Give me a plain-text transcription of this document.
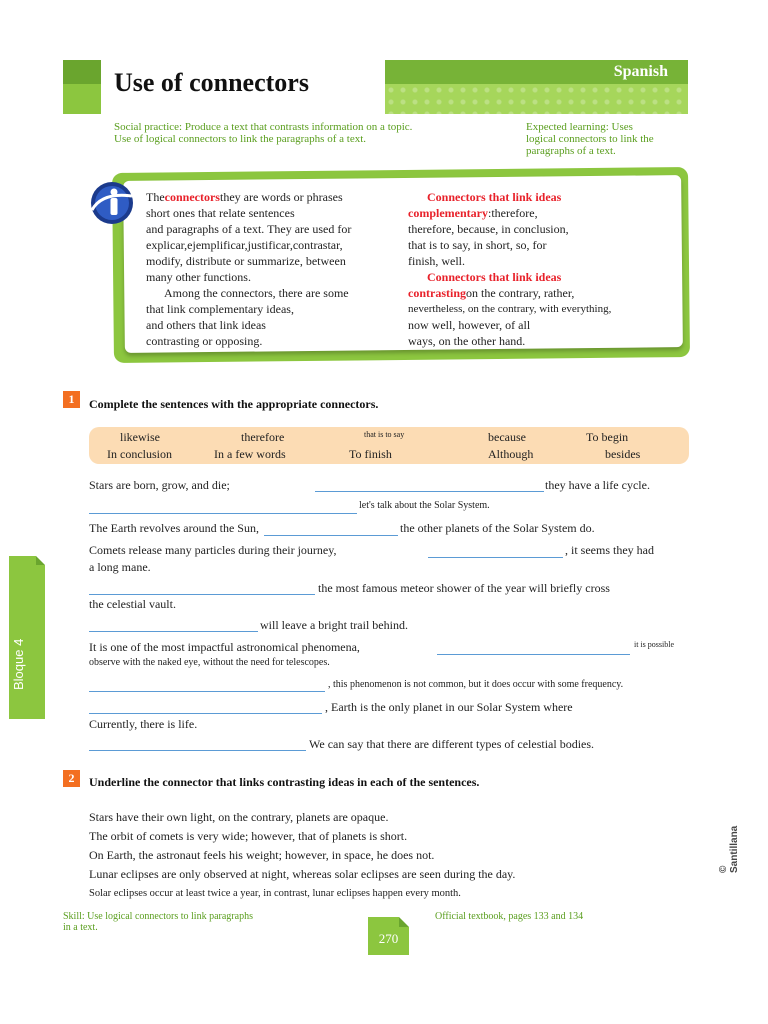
Use of connectors	Spanish
Social practice: Produce a text that contrasts information on a topic.
Use of logical connectors to link the paragraphs of a text.
Expected learning: Uses
logical connectors to link the
paragraphs of a text.
Theconnectorsthey are words or phrases
short ones that relate sentences
and paragraphs of a text. They are used for
explicar,ejemplificar,justificar,contrastar,
modify, distribute or summarize, between
many other functions.
Among the connectors, there are some
that link complementary ideas,
and others that link ideas
contrasting or opposing.
Connectors that link ideas
complementary:therefore,
therefore, because, in conclusion,
that is to say, in short, so, for
finish, well.
Connectors that link ideas
contrastingon the contrary, rather,
nevertheless, on the contrary, with everything,
now well, however, of all
ways, on the other hand.
1	Complete the sentences with the appropriate connectors.
likewise	therefore	that is to say	because	To begin
In conclusion	In a few words	To finish	Although	besides
Stars are born, grow, and die;	they have a life cycle.
let's talk about the Solar System.
The Earth revolves around the Sun,	the other planets of the Solar System do.
Comets release many particles during their journey,	, it seems they had
a long mane.
the most famous meteor shower of the year will briefly cross
the celestial vault.
will leave a bright trail behind.
It is one of the most impactful astronomical phenomena,	it is possible
observe with the naked eye, without the need for telescopes.
, this phenomenon is not common, but it does occur with some frequency.
, Earth is the only planet in our Solar System where
Currently, there is life.
We can say that there are different types of celestial bodies.
2	Underline the connector that links contrasting ideas in each of the sentences.
Stars have their own light, on the contrary, planets are opaque.
The orbit of comets is very wide; however, that of planets is short.
On Earth, the astronaut feels his weight; however, in space, he does not.
Lunar eclipses are only observed at night, whereas solar eclipses are seen during the day.
Solar eclipses occur at least twice a year, in contrast, lunar eclipses happen every month.
Bloque 4
© Santillana
Skill: Use logical connectors to link paragraphs
in a text.
Official textbook, pages 133 and 134
270
